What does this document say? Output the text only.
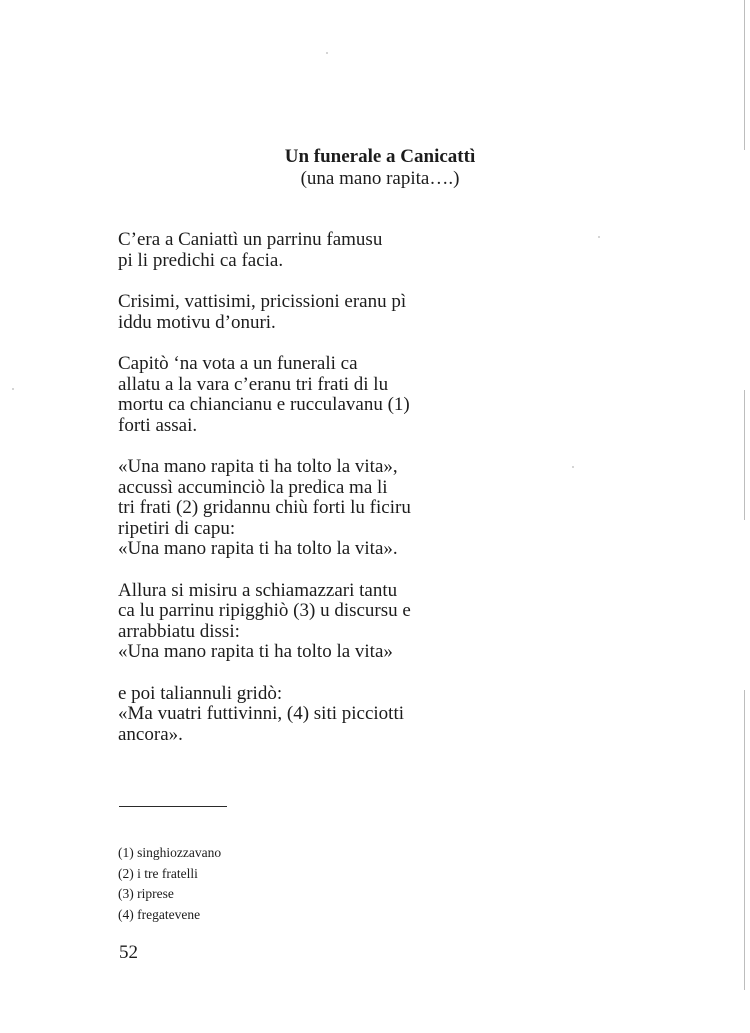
Un funerale a Canicattì
(una mano rapita….)
C’era a Caniattì un parrinu famusu
pi li predichi ca facia.
Crisimi, vattisimi, pricissioni eranu pì
iddu motivu d’onuri.
Capitò ‘na vota a un funerali ca
allatu a la vara c’eranu tri frati di lu
mortu ca chiancianu e rucculavanu (1)
forti assai.
«Una mano rapita ti ha tolto la vita»,
accussì accuminciò la predica ma li
tri frati (2) gridannu chiù forti lu ficiru
ripetiri di capu:
«Una mano rapita ti ha tolto la vita».
Allura si misiru a schiamazzari tantu
ca lu parrinu ripigghiò (3) u discursu e
arrabbiatu dissi:
«Una mano rapita ti ha tolto la vita»
e poi taliannuli gridò:
«Ma vuatri futtivinni, (4) siti picciotti
ancora».
(1) singhiozzavano
(2) i tre fratelli
(3) riprese
(4) fregatevene
52
